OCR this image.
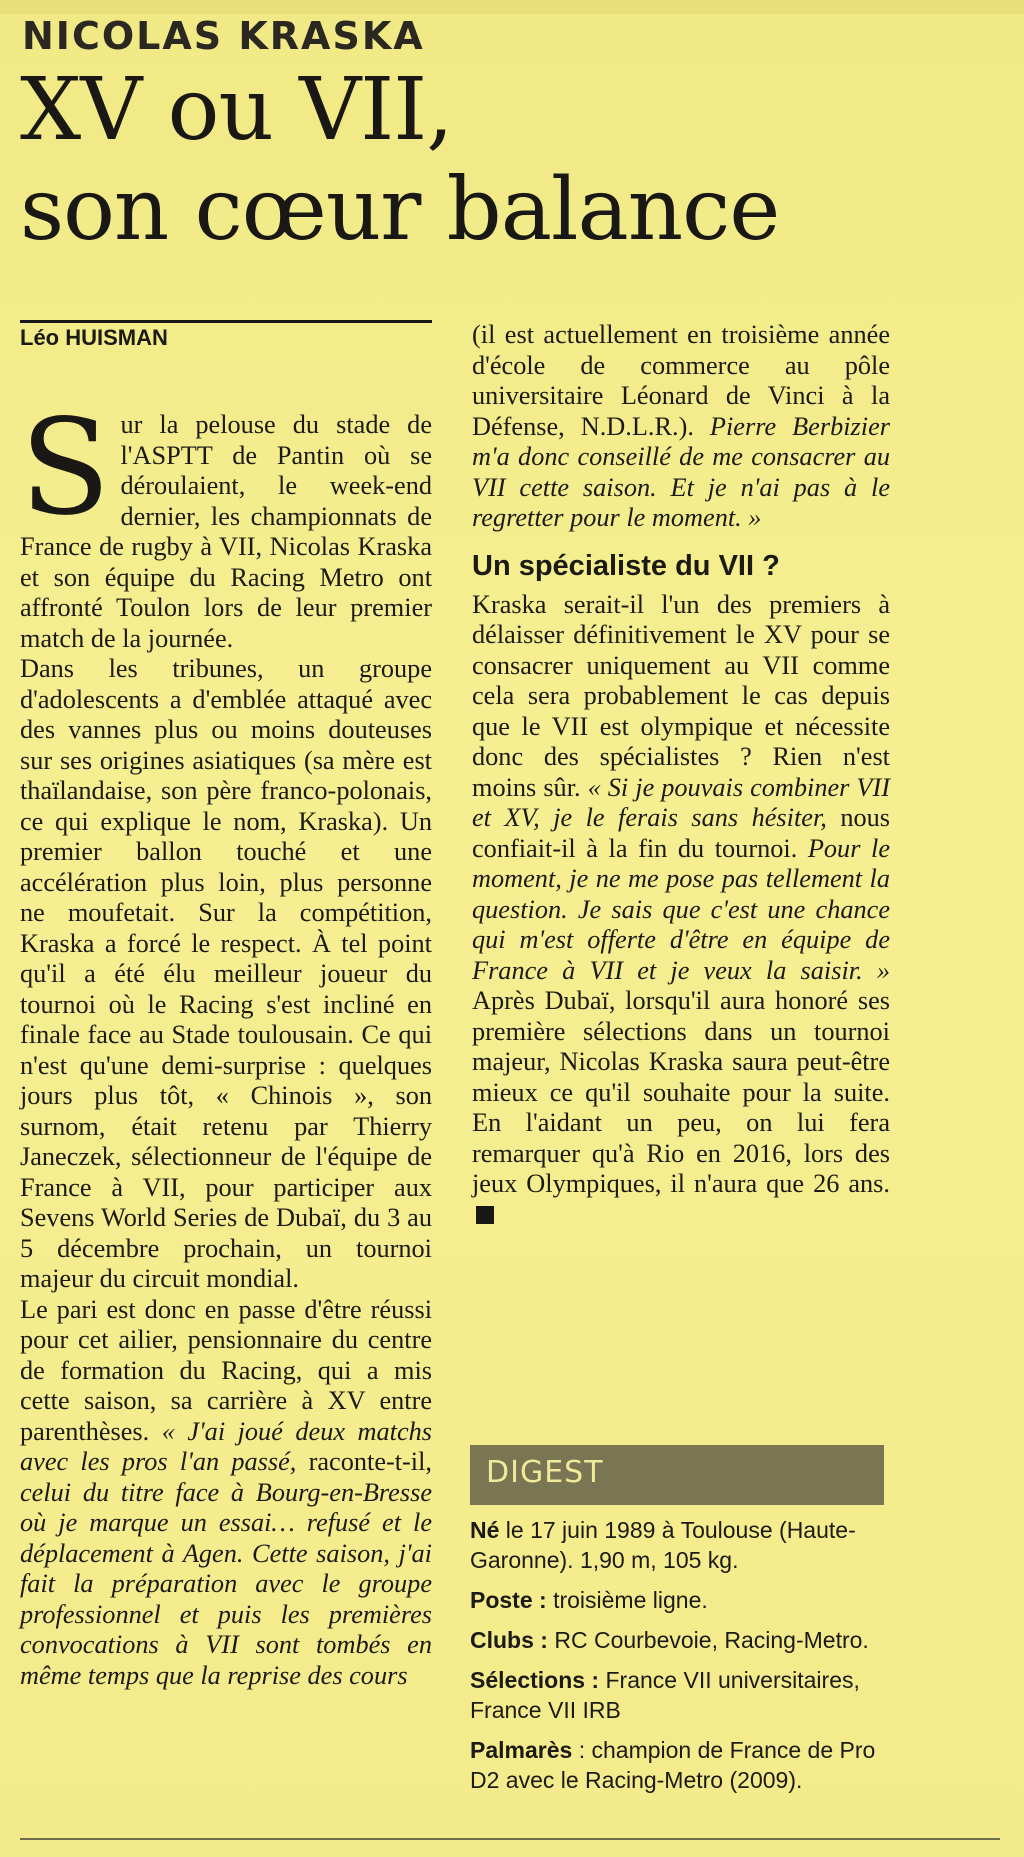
NICOLAS KRASKA
XV ou VII,
son cœur balance
Léo HUISMAN

Sur la pelouse du stade de l'ASPTT de Pantin où se déroulaient, le week-end dernier, les championnats de France de rugby à VII, Nicolas Kraska et son équipe du Racing Metro ont affronté Toulon lors de leur premier match de la journée.

Dans les tribunes, un groupe d'adolescents a d'emblée attaqué avec des vannes plus ou moins douteuses sur ses origines asiatiques (sa mère est thaïlandaise, son père franco-polonais, ce qui explique le nom, Kraska). Un premier ballon touché et une accélération plus loin, plus personne ne moufetait. Sur la compétition, Kraska a forcé le respect. À tel point qu'il a été élu meilleur joueur du tournoi où le Racing s'est incliné en finale face au Stade toulousain. Ce qui n'est qu'une demi-surprise : quelques jours plus tôt, « Chinois », son surnom, était retenu par Thierry Janeczek, sélectionneur de l'équipe de France à VII, pour participer aux Sevens World Series de Dubaï, du 3 au 5 décembre prochain, un tournoi majeur du circuit mondial.

Le pari est donc en passe d'être réussi pour cet ailier, pensionnaire du centre de formation du Racing, qui a mis cette saison, sa carrière à XV entre parenthèses. « J'ai joué deux matchs avec les pros l'an passé, raconte-t-il, celui du titre face à Bourg-en-Bresse où je marque un essai… refusé et le déplacement à Agen. Cette saison, j'ai fait la préparation avec le groupe professionnel et puis les premières convocations à VII sont tombés en même temps que la reprise des cours

(il est actuellement en troisième année d'école de commerce au pôle universitaire Léonard de Vinci à la Défense, N.D.L.R.). Pierre Berbizier m'a donc conseillé de me consacrer au VII cette saison. Et je n'ai pas à le regretter pour le moment. »

Un spécialiste du VII ?

Kraska serait-il l'un des premiers à délaisser définitivement le XV pour se consacrer uniquement au VII comme cela sera probablement le cas depuis que le VII est olympique et nécessite donc des spécialistes ? Rien n'est moins sûr. « Si je pouvais combiner VII et XV, je le ferais sans hésiter, nous confiait-il à la fin du tournoi. Pour le moment, je ne me pose pas tellement la question. Je sais que c'est une chance qui m'est offerte d'être en équipe de France à VII et je veux la saisir. » Après Dubaï, lorsqu'il aura honoré ses première sélections dans un tournoi majeur, Nicolas Kraska saura peut-être mieux ce qu'il souhaite pour la suite. En l'aidant un peu, on lui fera remarquer qu'à Rio en 2016, lors des jeux Olympiques, il n'aura que 26 ans.

DIGEST

Né le 17 juin 1989 à Toulouse (Haute-Garonne). 1,90 m, 105 kg.

Poste : troisième ligne.

Clubs : RC Courbevoie, Racing-Metro.

Sélections : France VII universitaires, France VII IRB

Palmarès : champion de France de Pro D2 avec le Racing-Metro (2009).
